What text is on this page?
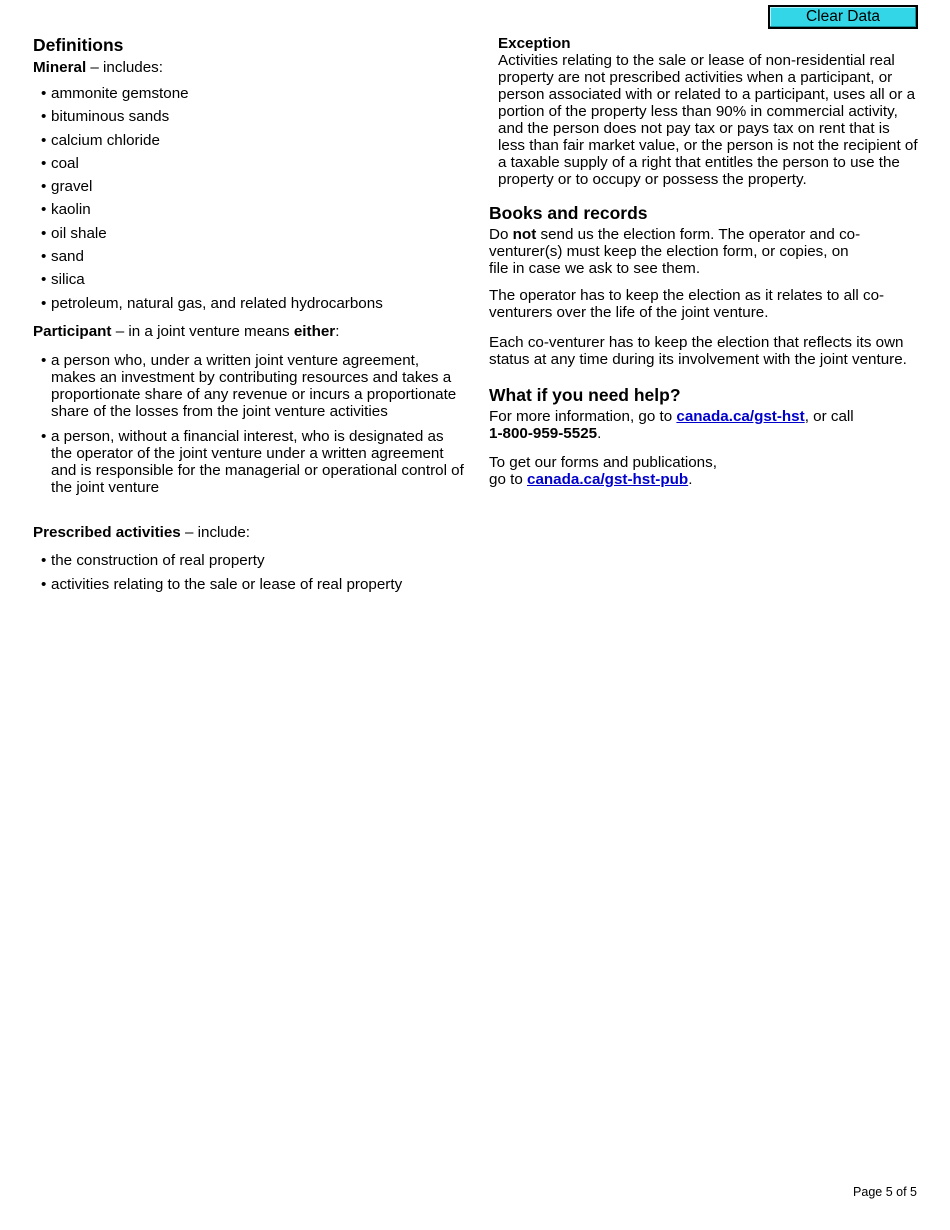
Clear Data
Definitions

Mineral – includes:

• ammonite gemstone
• bituminous sands
• calcium chloride
• coal
• gravel
• kaolin
• oil shale
• sand
• silica
• petroleum, natural gas, and related hydrocarbons

Participant – in a joint venture means either:

• a person who, under a written joint venture agreement, makes an investment by contributing resources and takes a proportionate share of any revenue or incurs a proportionate share of the losses from the joint venture activities
• a person, without a financial interest, who is designated as the operator of the joint venture under a written agreement and is responsible for the managerial or operational control of the joint venture

Prescribed activities – include:

• the construction of real property
• activities relating to the sale or lease of real property
Exception

Activities relating to the sale or lease of non-residential real property are not prescribed activities when a participant, or person associated with or related to a participant, uses all or a portion of the property less than 90% in commercial activity, and the person does not pay tax or pays tax on rent that is less than fair market value, or the person is not the recipient of a taxable supply of a right that entitles the person to use the property or to occupy or possess the property.

Books and records

Do not send us the election form. The operator and co-venturer(s) must keep the election form, or copies, on file in case we ask to see them.

The operator has to keep the election as it relates to all co-venturers over the life of the joint venture.

Each co-venturer has to keep the election that reflects its own status at any time during its involvement with the joint venture.

What if you need help?

For more information, go to canada.ca/gst-hst, or call
1-800-959-5525.

To get our forms and publications,
go to canada.ca/gst-hst-pub.

Page 5 of 5
